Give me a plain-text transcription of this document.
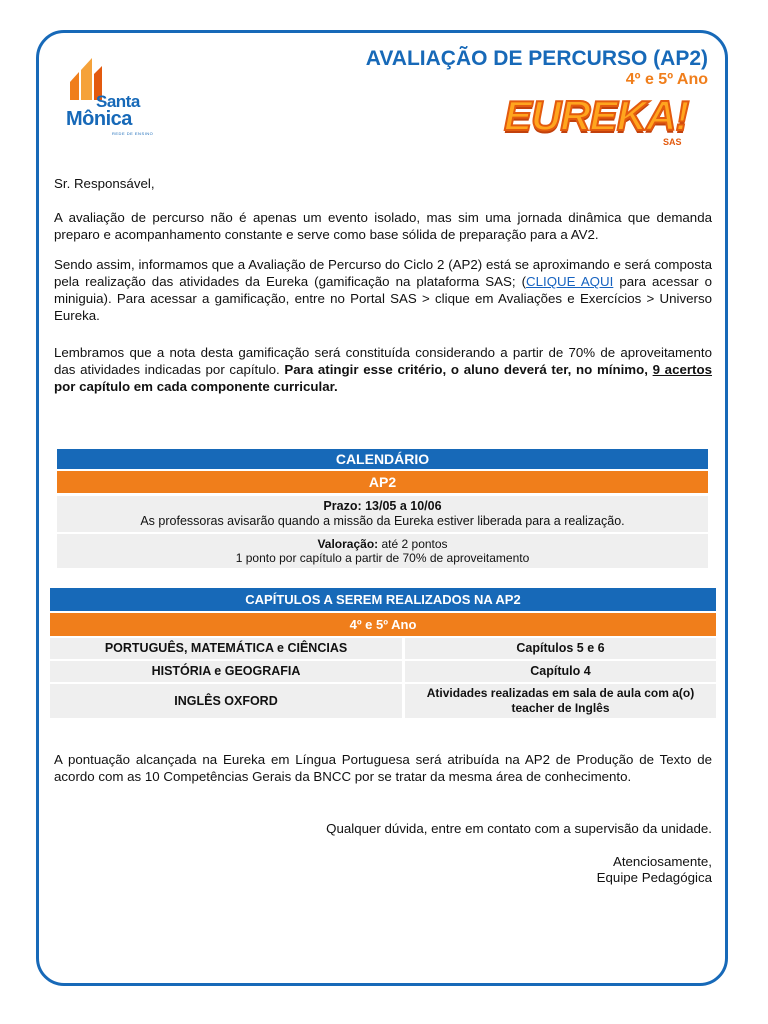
Santa
Mônica
REDE DE ENSINO
AVALIAÇÃO DE PERCURSO (AP2)
4º e 5º Ano
EUREKA!
SAS
Sr. Responsável,
A avaliação de percurso não é apenas um evento isolado, mas sim uma jornada dinâmica que demanda preparo e acompanhamento constante e serve como base sólida de preparação para a AV2.
Sendo assim, informamos que a Avaliação de Percurso do Ciclo 2 (AP2) está se aproximando e será composta pela realização das atividades da Eureka (gamificação na plataforma SAS; (CLIQUE AQUI para acessar o miniguia). Para acessar a gamificação, entre no Portal SAS > clique em Avaliações e Exercícios > Universo Eureka.
Lembramos que a nota desta gamificação será constituída considerando a partir de 70% de aproveitamento das atividades indicadas por capítulo. Para atingir esse critério, o aluno deverá ter, no mínimo, 9 acertos por capítulo em cada componente curricular.
CALENDÁRIO
AP2
Prazo: 13/05 a 10/06
As professoras avisarão quando a missão da Eureka estiver liberada para a realização.
Valoração: até 2 pontos
1 ponto por capítulo a partir de 70% de aproveitamento
CAPÍTULOS A SEREM REALIZADOS NA AP2
4º e 5º Ano
PORTUGUÊS, MATEMÁTICA e CIÊNCIAS	Capítulos 5 e 6
HISTÓRIA e GEOGRAFIA	Capítulo 4
INGLÊS OXFORD
Atividades realizadas em sala de aula com a(o) teacher de Inglês
A pontuação alcançada na Eureka em Língua Portuguesa será atribuída na AP2 de Produção de Texto de acordo com as 10 Competências Gerais da BNCC por se tratar da mesma área de conhecimento.
Qualquer dúvida, entre em contato com a supervisão da unidade.
Atenciosamente,
Equipe Pedagógica
